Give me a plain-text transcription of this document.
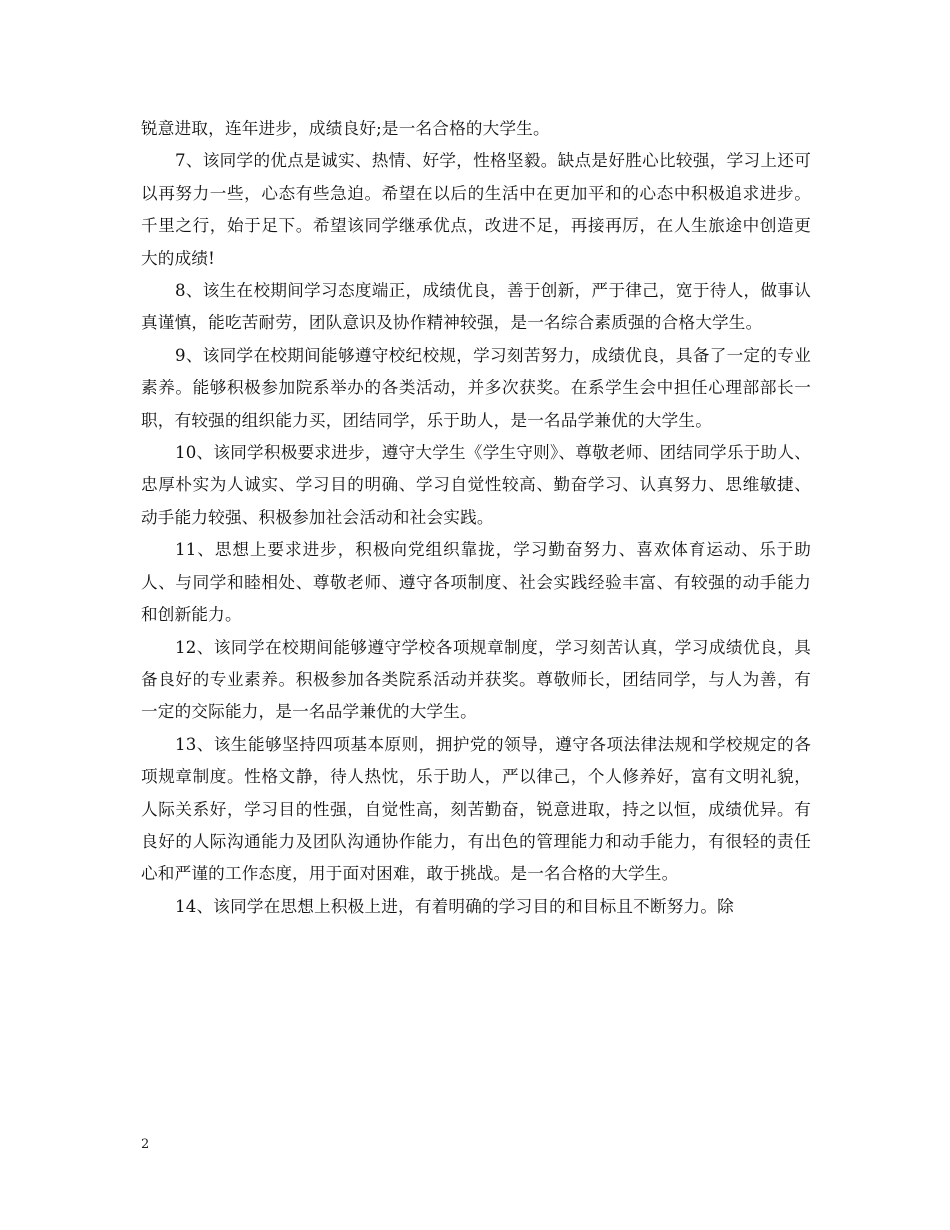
锐意进取，连年进步，成绩良好;是一名合格的大学生。

7、该同学的优点是诚实、热情、好学，性格坚毅。缺点是好胜心比较强，学习上还可以再努力一些，心态有些急迫。希望在以后的生活中在更加平和的心态中积极追求进步。千里之行，始于足下。希望该同学继承优点，改进不足，再接再厉，在人生旅途中创造更大的成绩!

8、该生在校期间学习态度端正，成绩优良，善于创新，严于律己，宽于待人，做事认真谨慎，能吃苦耐劳，团队意识及协作精神较强，是一名综合素质强的合格大学生。

9、该同学在校期间能够遵守校纪校规，学习刻苦努力，成绩优良，具备了一定的专业素养。能够积极参加院系举办的各类活动，并多次获奖。在系学生会中担任心理部部长一职，有较强的组织能力买，团结同学，乐于助人，是一名品学兼优的大学生。

10、该同学积极要求进步，遵守大学生《学生守则》、尊敬老师、团结同学乐于助人、忠厚朴实为人诚实、学习目的明确、学习自觉性较高、勤奋学习、认真努力、思维敏捷、动手能力较强、积极参加社会活动和社会实践。

11、思想上要求进步，积极向党组织靠拢，学习勤奋努力、喜欢体育运动、乐于助人、与同学和睦相处、尊敬老师、遵守各项制度、社会实践经验丰富、有较强的动手能力和创新能力。

12、该同学在校期间能够遵守学校各项规章制度，学习刻苦认真，学习成绩优良，具备良好的专业素养。积极参加各类院系活动并获奖。尊敬师长，团结同学，与人为善，有一定的交际能力，是一名品学兼优的大学生。

13、该生能够坚持四项基本原则，拥护党的领导，遵守各项法律法规和学校规定的各项规章制度。性格文静，待人热忱，乐于助人，严以律己，个人修养好，富有文明礼貌，人际关系好，学习目的性强，自觉性高，刻苦勤奋，锐意进取，持之以恒，成绩优异。有良好的人际沟通能力及团队沟通协作能力，有出色的管理能力和动手能力，有很轻的责任心和严谨的工作态度，用于面对困难，敢于挑战。是一名合格的大学生。

14、该同学在思想上积极上进，有着明确的学习目的和目标且不断努力。除

2
